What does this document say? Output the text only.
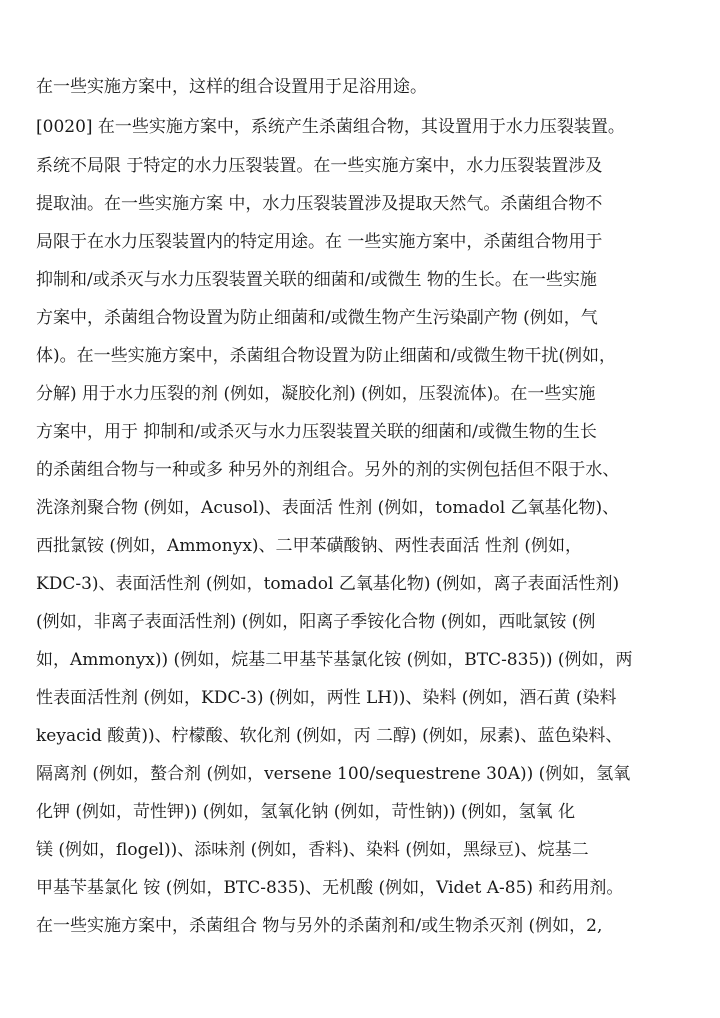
在一些实施方案中，这样的组合设置用于足浴用途。
[0020] 在一些实施方案中，系统产生杀菌组合物，其设置用于水力压裂装置。
系统不局限 于特定的水力压裂装置。在一些实施方案中，水力压裂装置涉及
提取油。在一些实施方案 中，水力压裂装置涉及提取天然气。杀菌组合物不
局限于在水力压裂装置内的特定用途。在 一些实施方案中，杀菌组合物用于
抑制和/或杀灭与水力压裂装置关联的细菌和/或微生 物的生长。在一些实施
方案中，杀菌组合物设置为防止细菌和/或微生物产生污染副产物 (例如，气
体)。在一些实施方案中，杀菌组合物设置为防止细菌和/或微生物干扰(例如，
分解) 用于水力压裂的剂 (例如，凝胶化剂) (例如，压裂流体)。在一些实施
方案中，用于 抑制和/或杀灭与水力压裂装置关联的细菌和/或微生物的生长
的杀菌组合物与一种或多 种另外的剂组合。另外的剂的实例包括但不限于水、
洗涤剂聚合物 (例如，Acusol)、表面活 性剂 (例如，tomadol 乙氧基化物)、
西批氯铵 (例如，Ammonyx)、二甲苯磺酸钠、两性表面活 性剂 (例如，
KDC-3)、表面活性剂 (例如，tomadol 乙氧基化物) (例如，离子表面活性剂)
(例如，非离子表面活性剂) (例如，阳离子季铵化合物 (例如，西吡氯铵 (例
如，Ammonyx)) (例如，烷基二甲基苄基氯化铵 (例如，BTC-835)) (例如，两
性表面活性剂 (例如，KDC-3) (例如，两性 LH))、染料 (例如，酒石黄 (染料
keyacid 酸黄))、柠檬酸、软化剂 (例如，丙 二醇) (例如，尿素)、蓝色染料、
隔离剂 (例如，螯合剂 (例如，versene 100/sequestrene 30A)) (例如，氢氧
化钾 (例如，苛性钾)) (例如，氢氧化钠 (例如，苛性钠)) (例如，氢氧 化
镁 (例如，flogel))、添味剂 (例如，香料)、染料 (例如，黑绿豆)、烷基二
甲基苄基氯化 铵 (例如，BTC-835)、无机酸 (例如，Videt A-85) 和药用剂。
在一些实施方案中，杀菌组合 物与另外的杀菌剂和/或生物杀灭剂 (例如，2,
